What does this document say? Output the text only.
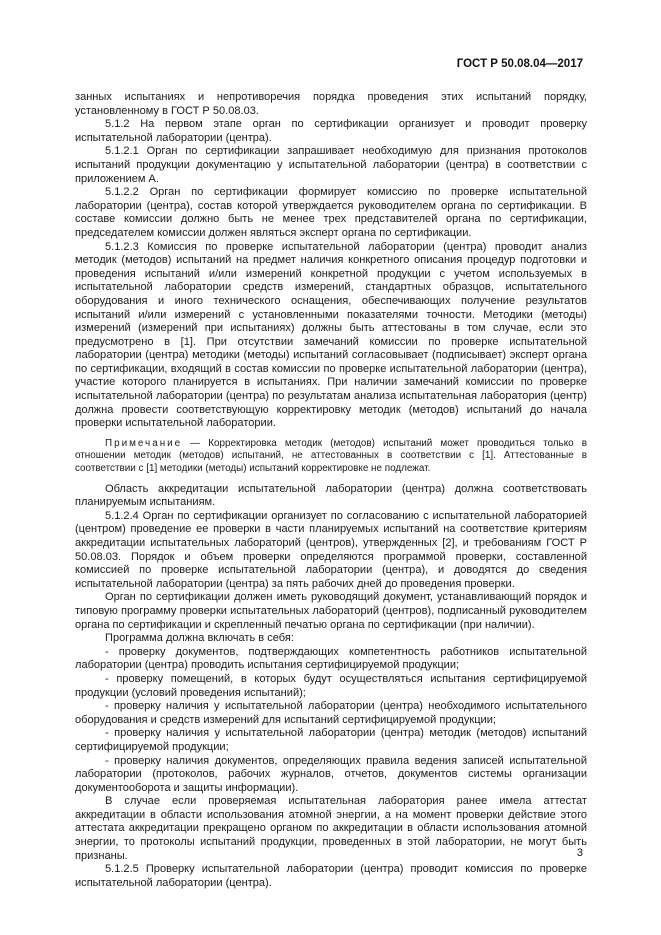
ГОСТ Р 50.08.04—2017

занных испытаниях и непротиворечия порядка проведения этих испытаний порядку, установленному в ГОСТ Р 50.08.03.

5.1.2 На первом этапе орган по сертификации организует и проводит проверку испытательной лаборатории (центра).

5.1.2.1 Орган по сертификации запрашивает необходимую для признания протоколов испытаний продукции документацию у испытательной лаборатории (центра) в соответствии с приложением А.

5.1.2.2 Орган по сертификации формирует комиссию по проверке испытательной лаборатории (центра), состав которой утверждается руководителем органа по сертификации. В составе комиссии должно быть не менее трех представителей органа по сертификации, председателем комиссии должен являться эксперт органа по сертификации.

5.1.2.3 Комиссия по проверке испытательной лаборатории (центра) проводит анализ методик (методов) испытаний на предмет наличия конкретного описания процедур подготовки и проведения испытаний и/или измерений конкретной продукции с учетом используемых в испытательной лаборатории средств измерений, стандартных образцов, испытательного оборудования и иного технического оснащения, обеспечивающих получение результатов испытаний и/или измерений с установленными показателями точности. Методики (методы) измерений (измерений при испытаниях) должны быть аттестованы в том случае, если это предусмотрено в [1]. При отсутствии замечаний комиссии по проверке испытательной лаборатории (центра) методики (методы) испытаний согласовывает (подписывает) эксперт органа по сертификации, входящий в состав комиссии по проверке испытательной лаборатории (центра), участие которого планируется в испытаниях. При наличии замечаний комиссии по проверке испытательной лаборатории (центра) по результатам анализа испытательная лаборатория (центр) должна провести соответствующую корректировку методик (методов) испытаний до начала проверки испытательной лаборатории.

Примечание — Корректировка методик (методов) испытаний может проводиться только в отношении методик (методов) испытаний, не аттестованных в соответствии с [1]. Аттестованные в соответствии с [1] методики (методы) испытаний корректировке не подлежат.

Область аккредитации испытательной лаборатории (центра) должна соответствовать планируемым испытаниям.

5.1.2.4 Орган по сертификации организует по согласованию с испытательной лабораторией (центром) проведение ее проверки в части планируемых испытаний на соответствие критериям аккредитации испытательных лабораторий (центров), утвержденных [2], и требованиям ГОСТ Р 50.08.03. Порядок и объем проверки определяются программой проверки, составленной комиссией по проверке испытательной лаборатории (центра), и доводятся до сведения испытательной лаборатории (центра) за пять рабочих дней до проведения проверки.

Орган по сертификации должен иметь руководящий документ, устанавливающий порядок и типовую программу проверки испытательных лабораторий (центров), подписанный руководителем органа по сертификации и скрепленный печатью органа по сертификации (при наличии).

Программа должна включать в себя:

- проверку документов, подтверждающих компетентность работников испытательной лаборатории (центра) проводить испытания сертифицируемой продукции;

- проверку помещений, в которых будут осуществляться испытания сертифицируемой продукции (условий проведения испытаний);

- проверку наличия у испытательной лаборатории (центра) необходимого испытательного оборудования и средств измерений для испытаний сертифицируемой продукции;

- проверку наличия у испытательной лаборатории (центра) методик (методов) испытаний сертифицируемой продукции;

- проверку наличия документов, определяющих правила ведения записей испытательной лаборатории (протоколов, рабочих журналов, отчетов, документов системы организации документооборота и защиты информации).

В случае если проверяемая испытательная лаборатория ранее имела аттестат аккредитации в области использования атомной энергии, а на момент проверки действие этого аттестата аккредитации прекращено органом по аккредитации в области использования атомной энергии, то протоколы испытаний продукции, проведенных в этой лаборатории, не могут быть признаны.

5.1.2.5 Проверку испытательной лаборатории (центра) проводит комиссия по проверке испытательной лаборатории (центра).

3
